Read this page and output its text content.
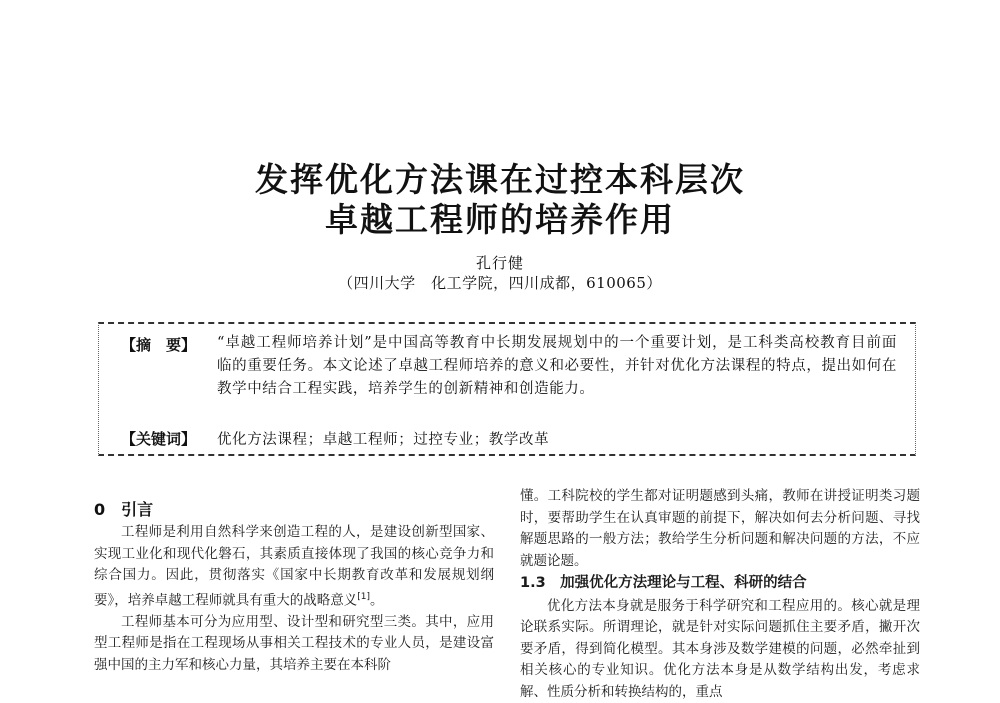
发挥优化方法课在过控本科层次
卓越工程师的培养作用
孔行健
（四川大学　化工学院，四川成都，610065）
【摘　要】 “卓越工程师培养计划”是中国高等教育中长期发展规划中的一个重要计划，是工科类高校教育目前面临的重要任务。本文论述了卓越工程师培养的意义和必要性，并针对优化方法课程的特点，提出如何在教学中结合工程实践，培养学生的创新精神和创造能力。
【关键词】 优化方法课程；卓越工程师；过控专业；教学改革
0　引言

工程师是利用自然科学来创造工程的人，是建设创新型国家、实现工业化和现代化磐石，其素质直接体现了我国的核心竞争力和综合国力。因此，贯彻落实《国家中长期教育改革和发展规划纲要》，培养卓越工程师就具有重大的战略意义[1]。

工程师基本可分为应用型、设计型和研究型三类。其中，应用型工程师是指在工程现场从事相关工程技术的专业人员，是建设富强中国的主力军和核心力量，其培养主要在本科阶

懂。工科院校的学生都对证明题感到头痛，教师在讲授证明类习题时，要帮助学生在认真审题的前提下，解决如何去分析问题、寻找解题思路的一般方法；教给学生分析问题和解决问题的方法，不应就题论题。

1.3　加强优化方法理论与工程、科研的结合

优化方法本身就是服务于科学研究和工程应用的。核心就是理论联系实际。所谓理论，就是针对实际问题抓住主要矛盾，撇开次要矛盾，得到简化模型。其本身涉及数学建模的问题，必然牵扯到相关核心的专业知识。优化方法本身是从数学结构出发，考虑求解、性质分析和转换结构的，重点
